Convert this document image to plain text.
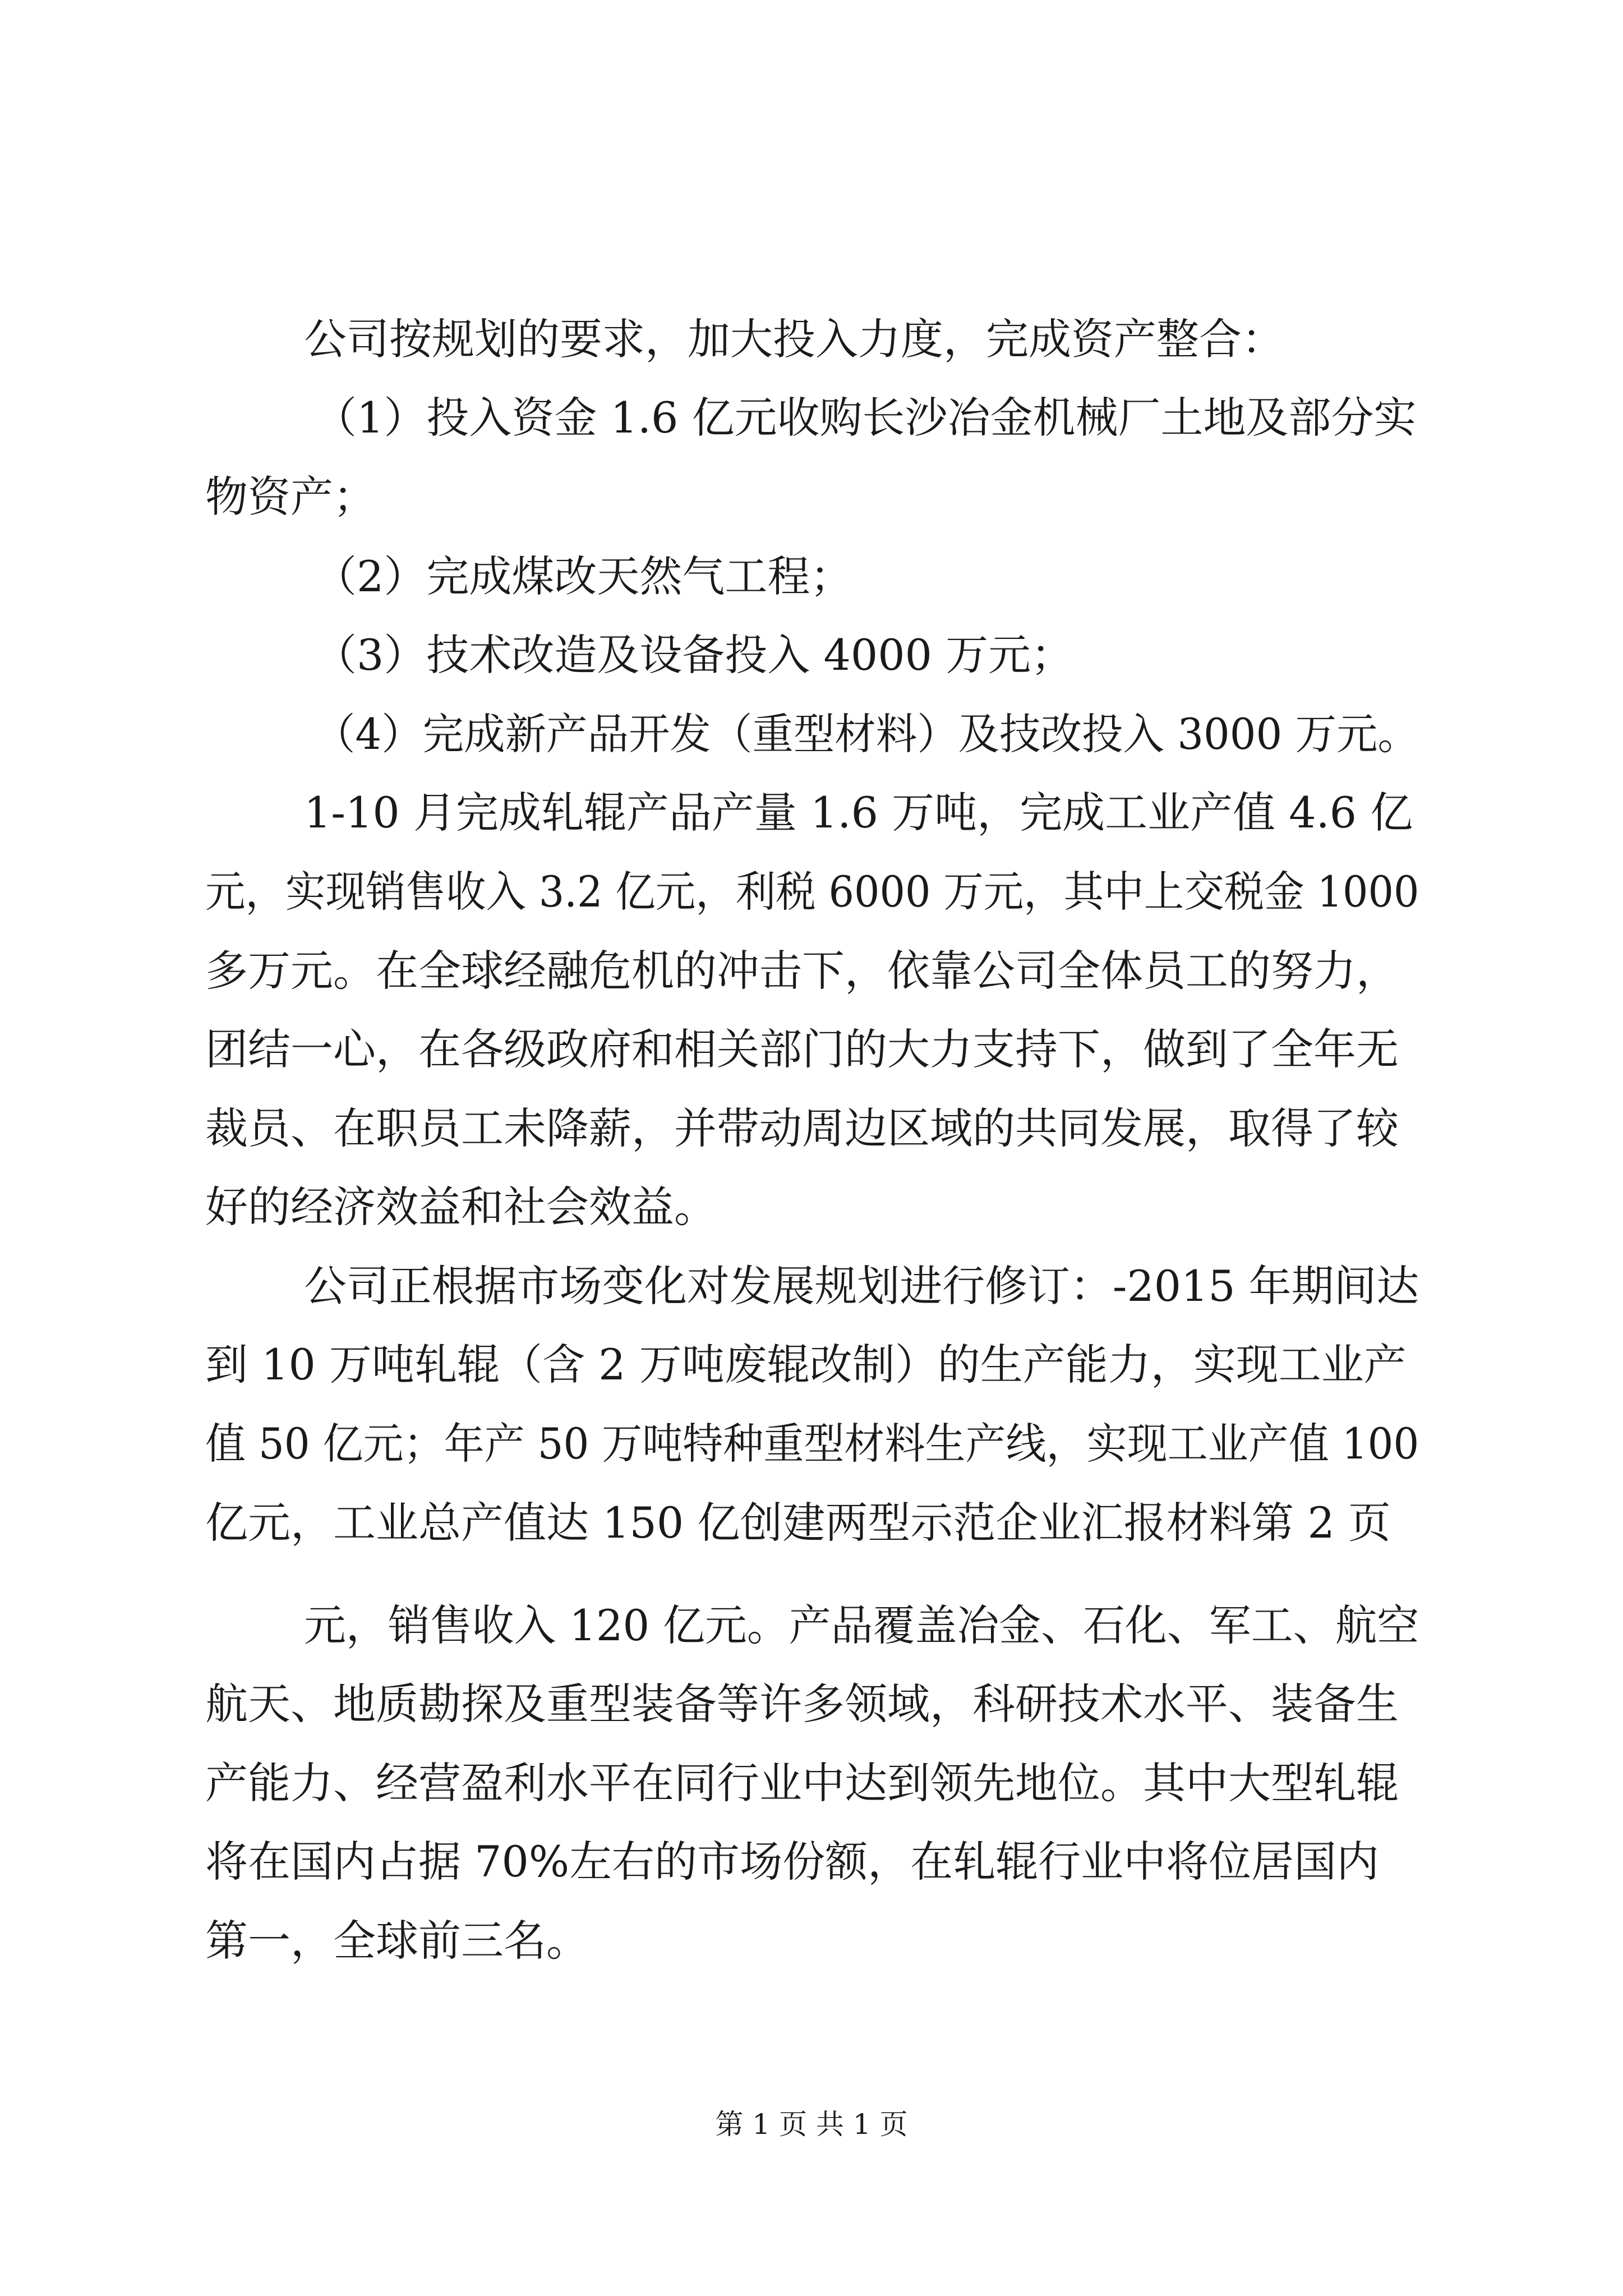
公司按规划的要求，加大投入力度，完成资产整合：
（1）投入资金 1.6 亿元收购长沙冶金机械厂土地及部分实
物资产；
（2）完成煤改天然气工程；
（3）技术改造及设备投入 4000 万元；
（4）完成新产品开发（重型材料）及技改投入 3000 万元。
1-10 月完成轧辊产品产量 1.6 万吨，完成工业产值 4.6 亿
元，实现销售收入 3.2 亿元，利税 6000 万元，其中上交税金 1000
多万元。在全球经融危机的冲击下，依靠公司全体员工的努力，
团结一心，在各级政府和相关部门的大力支持下，做到了全年无
裁员、在职员工未降薪，并带动周边区域的共同发展，取得了较
好的经济效益和社会效益。
公司正根据市场变化对发展规划进行修订：-2015 年期间达
到 10 万吨轧辊（含 2 万吨废辊改制）的生产能力，实现工业产
值 50 亿元；年产 50 万吨特种重型材料生产线，实现工业产值 100
亿元，工业总产值达 150 亿创建两型示范企业汇报材料第 2 页
元，销售收入 120 亿元。产品覆盖冶金、石化、军工、航空
航天、地质勘探及重型装备等许多领域，科研技术水平、装备生
产能力、经营盈利水平在同行业中达到领先地位。其中大型轧辊
将在国内占据 70%左右的市场份额，在轧辊行业中将位居国内
第一，全球前三名。
第 1 页 共 1 页
